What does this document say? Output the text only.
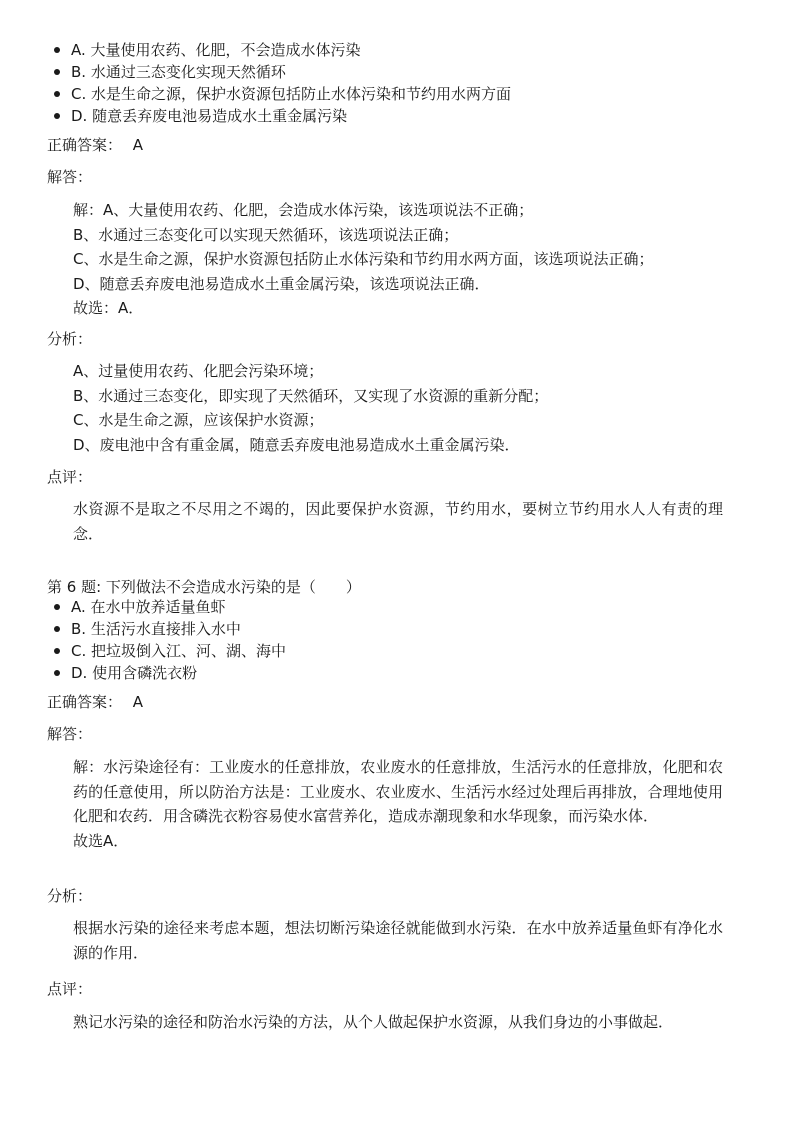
A. 大量使用农药、化肥，不会造成水体污染
B. 水通过三态变化实现天然循环
C. 水是生命之源，保护水资源包括防止水体污染和节约用水两方面
D. 随意丢弃废电池易造成水土重金属污染
正确答案： A
解答：

解：A、大量使用农药、化肥，会造成水体污染，该选项说法不正确；

B、水通过三态变化可以实现天然循环，该选项说法正确；

C、水是生命之源，保护水资源包括防止水体污染和节约用水两方面，该选项说法正确；

D、随意丢弃废电池易造成水土重金属污染，该选项说法正确．

故选：A．

分析：

A、过量使用农药、化肥会污染环境；

B、水通过三态变化，即实现了天然循环，又实现了水资源的重新分配；

C、水是生命之源，应该保护水资源；

D、废电池中含有重金属，随意丢弃废电池易造成水土重金属污染．

点评：

水资源不是取之不尽用之不竭的，因此要保护水资源，节约用水，要树立节约用水人人有责的理念．

第 6 题: 下列做法不会造成水污染的是（　　）
A. 在水中放养适量鱼虾
B. 生活污水直接排入水中
C. 把垃圾倒入江、河、湖、海中
D. 使用含磷洗衣粉
正确答案： A
解答：

解：水污染途径有：工业废水的任意排放，农业废水的任意排放，生活污水的任意排放，化肥和农药的任意使用，所以防治方法是：工业废水、农业废水、生活污水经过处理后再排放，合理地使用化肥和农药．用含磷洗衣粉容易使水富营养化，造成赤潮现象和水华现象，而污染水体．

故选A．

分析：

根据水污染的途径来考虑本题，想法切断污染途径就能做到水污染．在水中放养适量鱼虾有净化水源的作用．

点评：

熟记水污染的途径和防治水污染的方法，从个人做起保护水资源，从我们身边的小事做起．
